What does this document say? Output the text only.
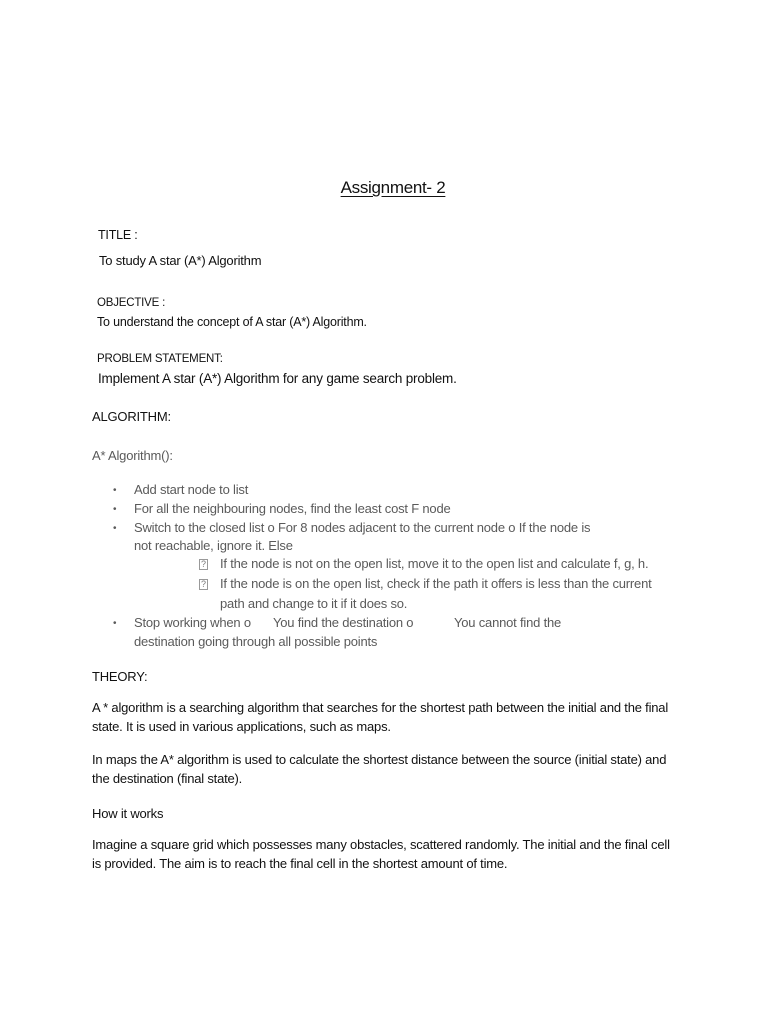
Assignment- 2
TITLE :
To study A star (A*) Algorithm
OBJECTIVE :
To understand the concept of A star (A*) Algorithm.
PROBLEM STATEMENT:
Implement A star (A*) Algorithm for any game search problem.
ALGORITHM:
A* Algorithm():
• Add start node to list
• For all the neighbouring nodes, find the least cost F node
• Switch to the closed list o For 8 nodes adjacent to the current node o If the node is
not reachable, ignore it. Else
? If the node is not on the open list, move it to the open list and calculate f, g, h.
? If the node is on the open list, check if the path it offers is less than the current
path and change to it if it does so.
• Stop working when o You find the destination o	You cannot find the
destination going through all possible points
THEORY:
A * algorithm is a searching algorithm that searches for the shortest path between the initial and the final
state. It is used in various applications, such as maps.
In maps the A* algorithm is used to calculate the shortest distance between the source (initial state) and
the destination (final state).
How it works
Imagine a square grid which possesses many obstacles, scattered randomly. The initial and the final cell
is provided. The aim is to reach the final cell in the shortest amount of time.
